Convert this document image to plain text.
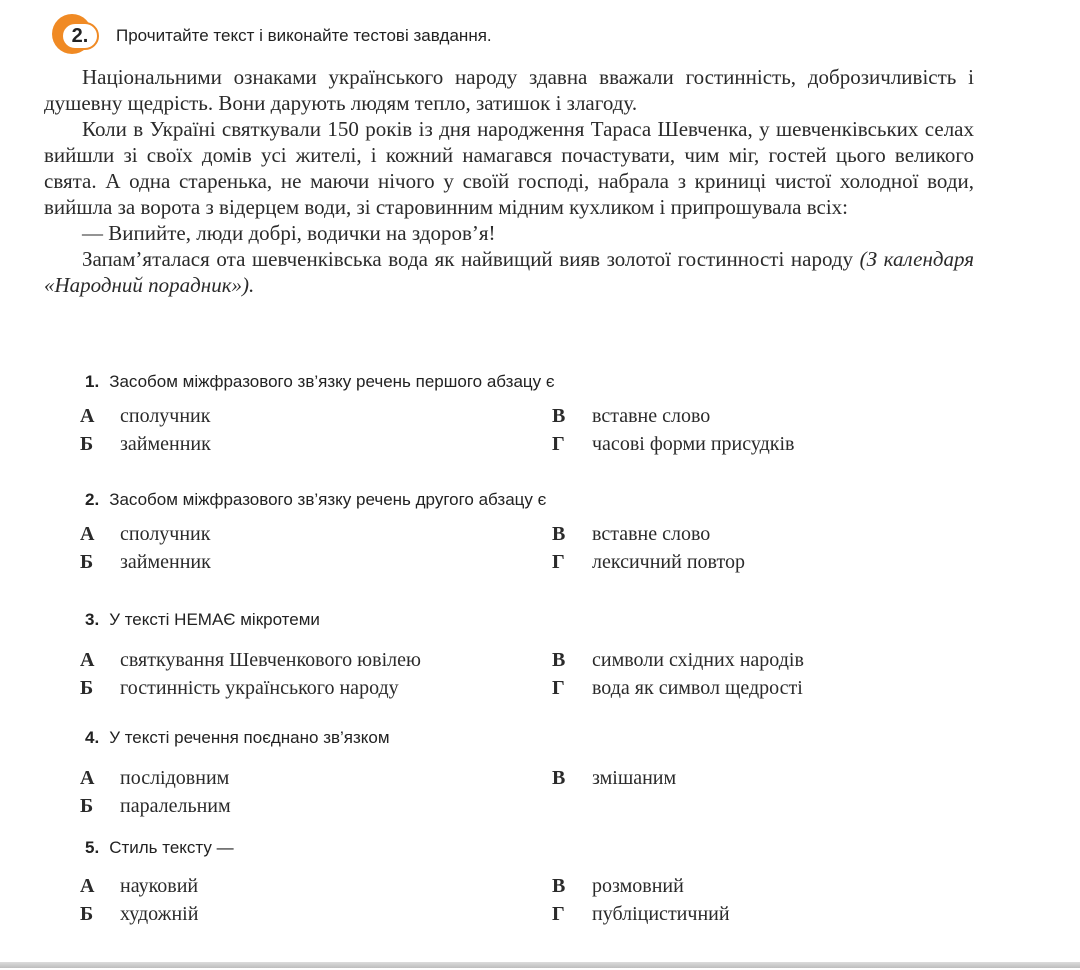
2.	Прочитайте текст і виконайте тестові завдання.

Національними ознаками українського народу здавна вважали гостинність, доброзичливість і душевну щедрість. Вони дарують людям тепло, затишок і злагоду.

Коли в Україні святкували 150 років із дня народження Тараса Шевченка, у шевченківських селах вийшли зі своїх домів усі жителі, і кожний намагався почастувати, чим міг, гостей цього великого свята. А одна старенька, не маючи нічого у своїй господі, набрала з криниці чистої холодної води, вийшла за ворота з відерцем води, зі старовинним мідним кухликом і припрошувала всіх:

— Випийте, люди добрі, водички на здоров’я!

Запам’яталася ота шевченківська вода як найвищий вияв золотої гостинності народу (З календаря «Народний порадник»).

1. Засобом міжфразового зв’язку речень першого абзацу є
А сполучник
Б займенник
В вставне слово
Г часові форми присудків
2. Засобом міжфразового зв’язку речень другого абзацу є
А сполучник
Б займенник
В вставне слово
Г лексичний повтор
3. У тексті НЕМАЄ мікротеми
А святкування Шевченкового ювілею
Б гостинність українського народу
В символи східних народів
Г вода як символ щедрості
4. У тексті речення поєднано зв’язком
А послідовним
Б паралельним
В змішаним
5. Стиль тексту —
А науковий
Б художній
В розмовний
Г публіцистичний
